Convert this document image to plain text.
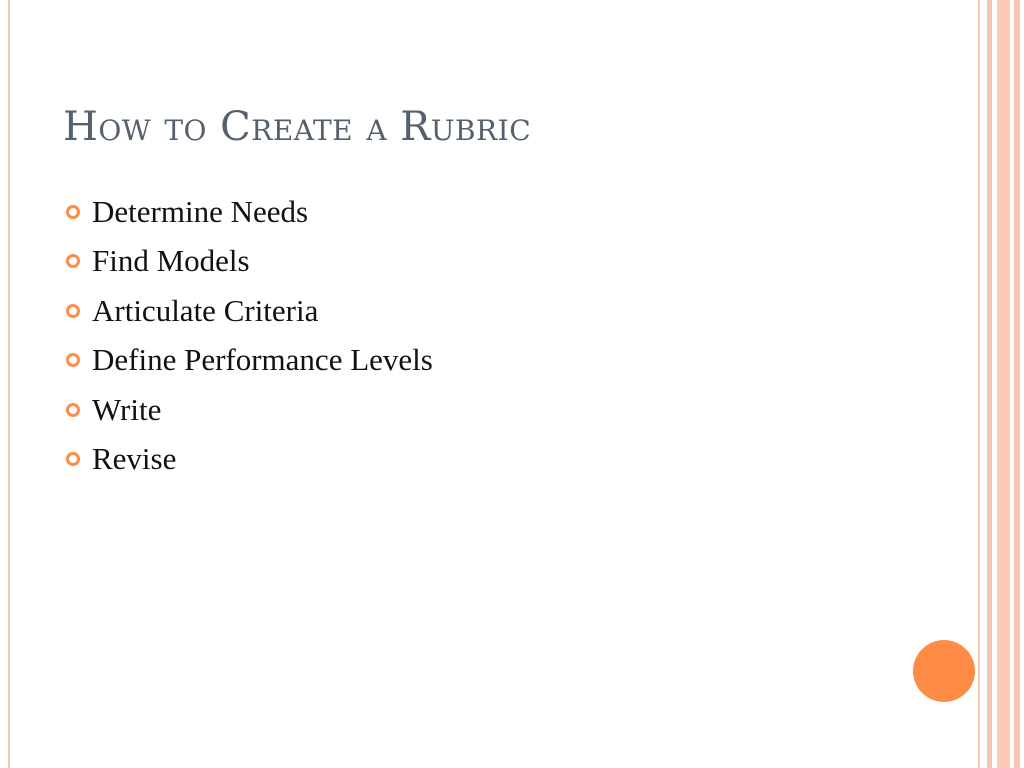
How to Create a Rubric
Determine Needs
Find Models
Articulate Criteria
Define Performance Levels
Write
Revise
